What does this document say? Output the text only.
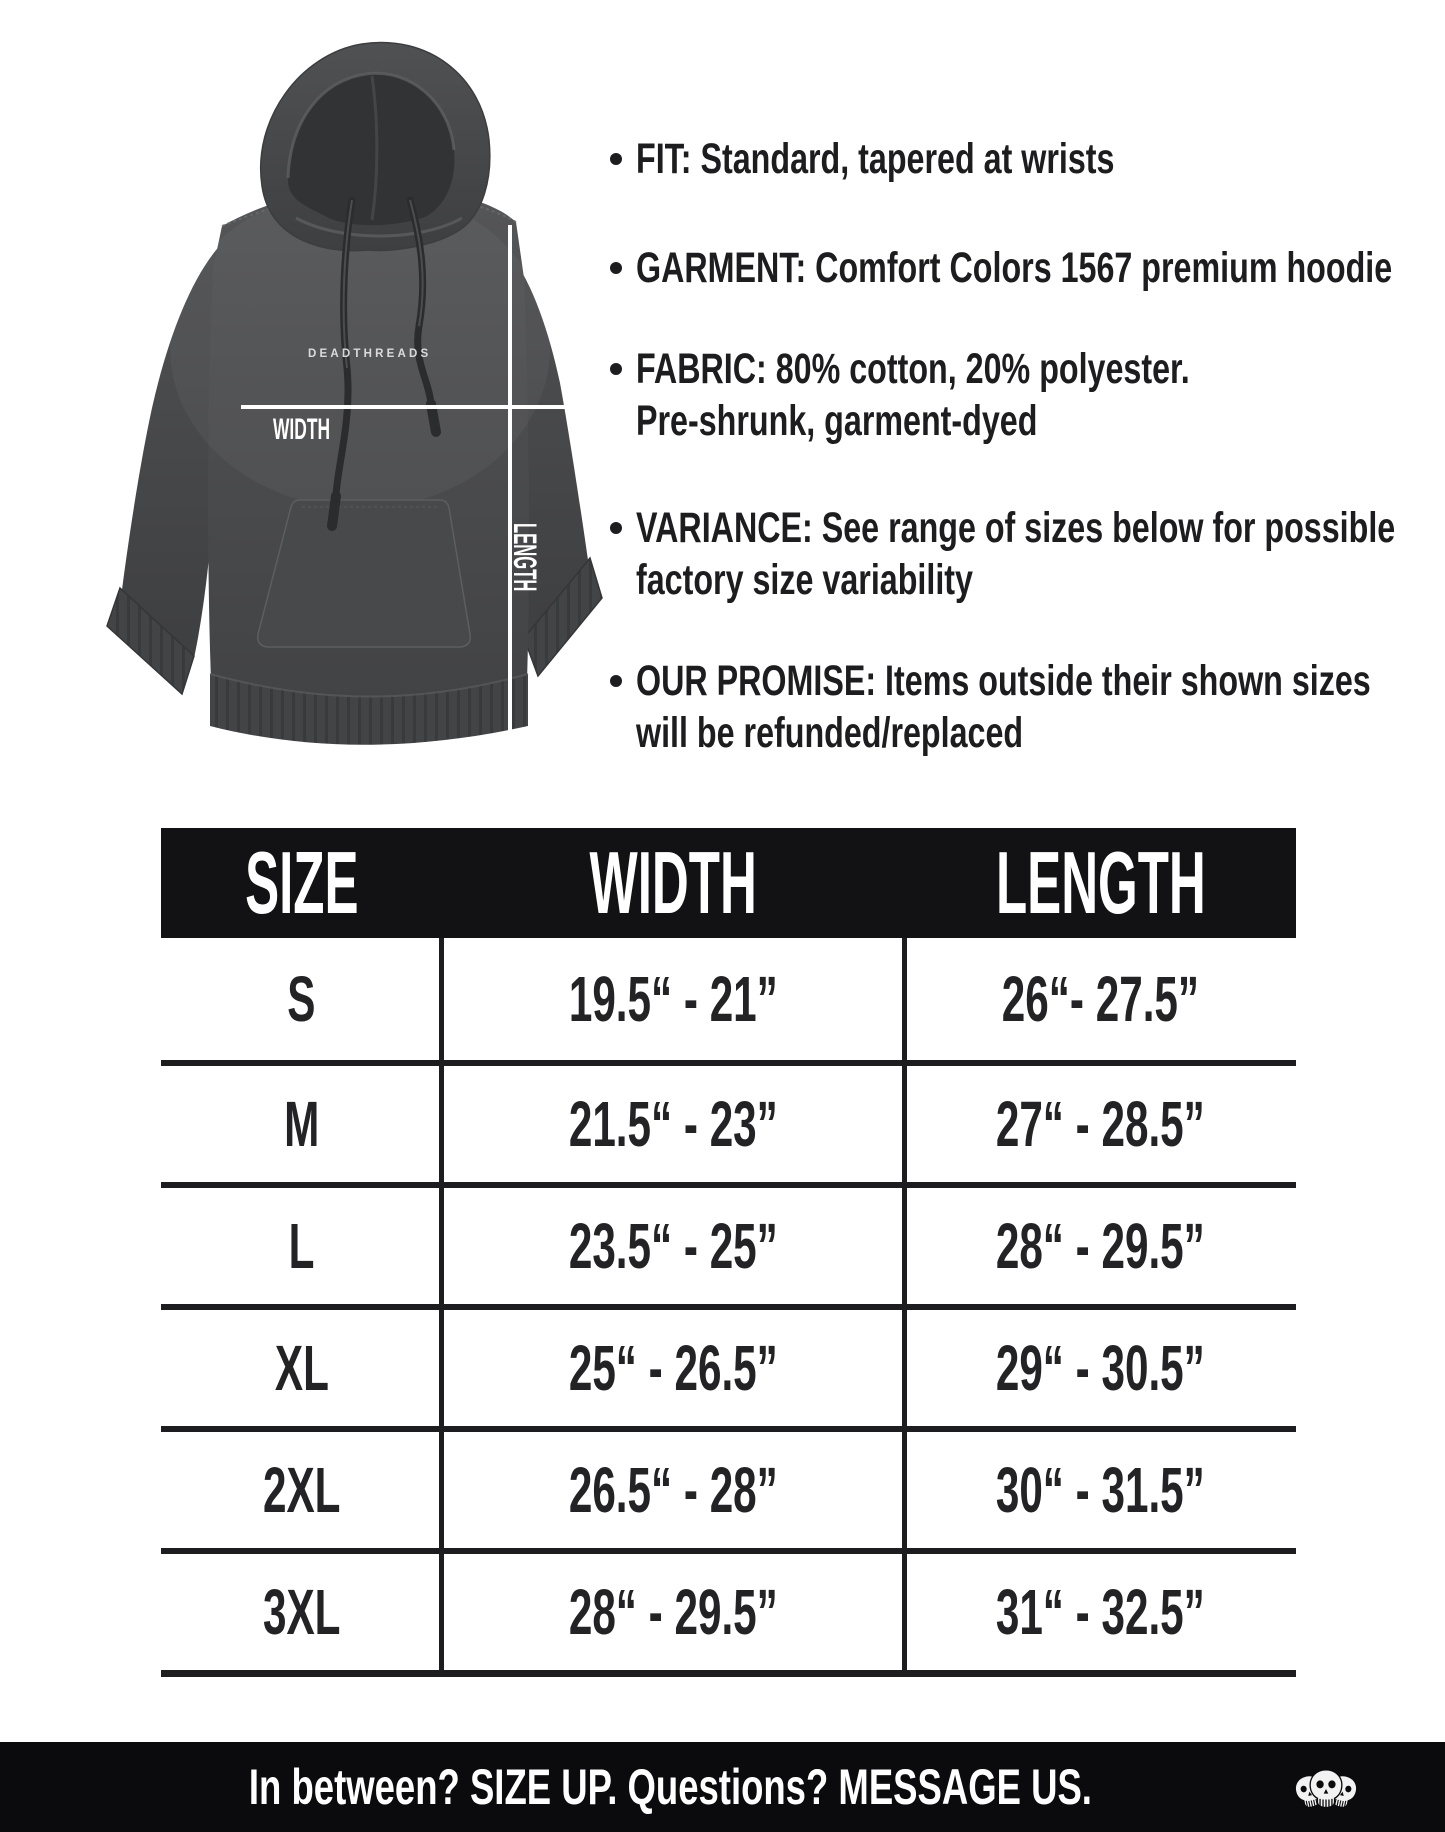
DEADTHREADS
WIDTH
LENGTH
FIT: Standard, tapered at wrists
GARMENT: Comfort Colors 1567 premium hoodie
FABRIC: 80% cotton, 20% polyester.
Pre-shrunk, garment-dyed
VARIANCE: See range of sizes below for possible
factory size variability
OUR PROMISE: Items outside their shown sizes
will be refunded/replaced
SIZE	WIDTH	LENGTH
S	19.5“ - 21”	26“- 27.5”
M	21.5“ - 23”	27“ - 28.5”
L	23.5“ - 25”	28“ - 29.5”
XL	25“ - 26.5”	29“ - 30.5”
2XL	26.5“ - 28”	30“ - 31.5”
3XL	28“ - 29.5”	31“ - 32.5”
In between? SIZE UP. Questions? MESSAGE US.
